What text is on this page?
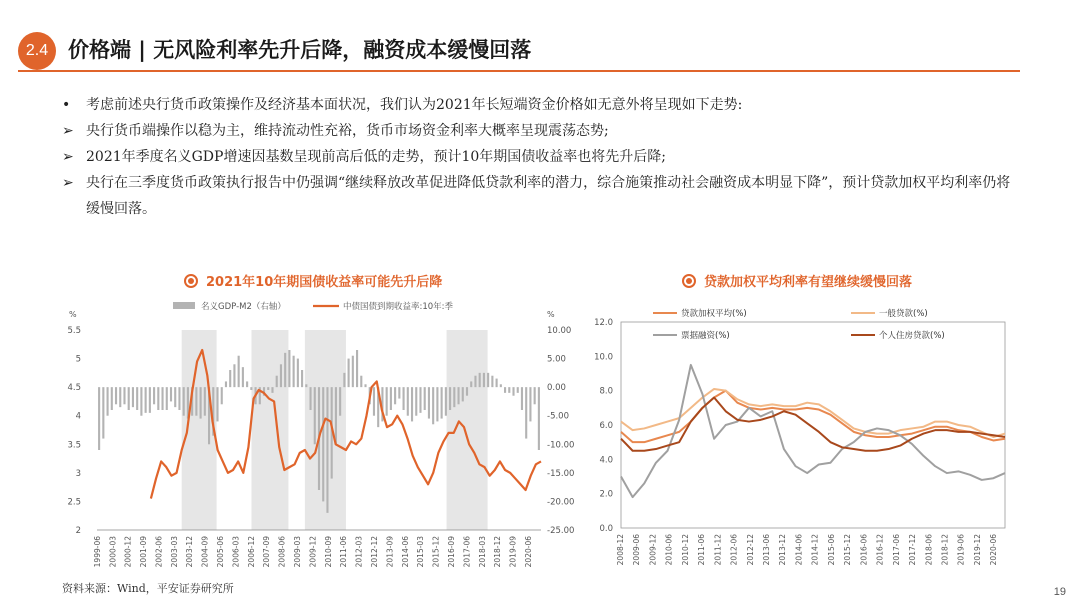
2.4 价格端 | 无风险利率先升后降，融资成本缓慢回落
•	考虑前述央行货币政策操作及经济基本面状况，我们认为2021年长短端资金价格如无意外将呈现如下走势:
➢ 央行货币端操作以稳为主，维持流动性充裕，货币市场资金利率大概率呈现震荡态势;
➢ 2021年季度名义GDP增速因基数呈现前高后低的走势，预计10年期国债收益率也将先升后降;
➢ 央行在三季度货币政策执行报告中仍强调“继续释放改革促进降低贷款利率的潜力，综合施策推动社会融资成本明显下降”，预计贷款加权平均利率仍将缓慢回落。
2021年10年期国债收益率可能先升后降	贷款加权平均利率有望继续缓慢回落
%	%
5.5
5
4.5
4
3.5
3
2.5
2
10.00
5.00
0.00
-5.00
-10.00
-15.00
-20.00
-25.00
1999-06 2000-03 2000-12 2001-09 2002-06 2003-03 2003-12 2004-09 2005-06 2006-03 2006-12 2007-09 2008-06 2009-03 2009-12 2010-09 2011-06 2012-03 2012-12 2013-09 2014-06 2015-03 2015-12 2016-09 2017-06 2018-03 2018-12 2019-09 2020-06
名义GDP-M2（右轴）	中债国债到期收益率:10年:季
12.0
10.0
8.0
6.0
4.0
2.0
0.0
2008-12 2009-06 2009-12 2010-06 2010-12 2011-06 2011-12 2012-06 2012-12 2013-06 2013-12 2014-06 2014-12 2015-06 2015-12 2016-06 2016-12 2017-06 2017-12 2018-06 2018-12 2019-06 2019-12 2020-06
贷款加权平均(%)	一般贷款(%)
票据融资(%)	个人住房贷款(%)
资料来源：Wind，平安证券研究所	19
